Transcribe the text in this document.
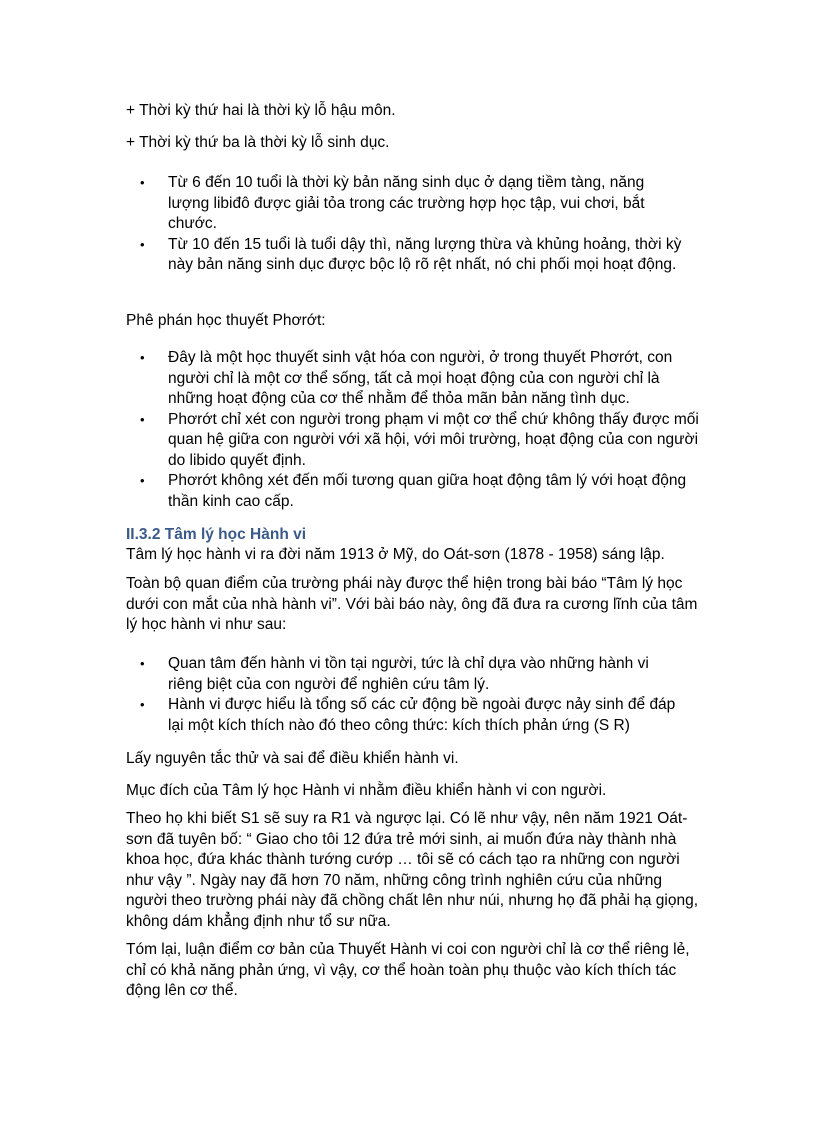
+ Thời kỳ thứ hai là thời kỳ lỗ hậu môn.
+ Thời kỳ thứ ba là thời kỳ lỗ sinh dục.
•
Từ 6 đến 10 tuổi là thời kỳ bản năng sinh dục ở dạng tiềm tàng, năng lượng libiđô được giải tỏa trong các trường hợp học tập, vui chơi, bắt chước.
•
Từ 10 đến 15 tuổi là tuổi dậy thì, năng lượng thừa và khủng hoảng, thời kỳ này bản năng sinh dục được bộc lộ rõ rệt nhất, nó chi phối mọi hoạt động.
Phê phán học thuyết Phơrớt:
•
Đây là một học thuyết sinh vật hóa con người, ở trong thuyết Phơrớt, con người chỉ là một cơ thể sống, tất cả mọi hoạt động của con người chỉ là những hoạt động của cơ thể nhằm để thỏa mãn bản năng tình dục.
•
Phơrớt chỉ xét con người trong phạm vi một cơ thể chứ không thấy được mối quan hệ giữa con người với xã hội, với môi trường, hoạt động của con người do libido quyết định.
•
Phơrớt không xét đến mối tương quan giữa hoạt động tâm lý với hoạt động thần kinh cao cấp.
II.3.2 Tâm lý học Hành vi
Tâm lý học hành vi ra đời năm 1913 ở Mỹ, do Oát-sơn (1878 - 1958) sáng lập.

Toàn bộ quan điểm của trường phái này được thể hiện trong bài báo “Tâm lý học dưới con mắt của nhà hành vi”. Với bài báo này, ông đã đưa ra cương lĩnh của tâm lý học hành vi như sau:

•
Quan tâm đến hành vi tồn tại người, tức là chỉ dựa vào những hành vi riêng biệt của con người để nghiên cứu tâm lý.
•
Hành vi được hiểu là tổng số các cử động bề ngoài được nảy sinh để đáp lại một kích thích nào đó theo công thức: kích thích phản ứng (S R)
Lấy nguyên tắc thử và sai để điều khiển hành vi.
Mục đích của Tâm lý học Hành vi nhằm điều khiển hành vi con người.

Theo họ khi biết S1 sẽ suy ra R1 và ngược lại. Có lẽ như vậy, nên năm 1921 Oát-sơn đã tuyên bố: “ Giao cho tôi 12 đứa trẻ mới sinh, ai muốn đứa này thành nhà khoa học, đứa khác thành tướng cướp … tôi sẽ có cách tạo ra những con người như vậy ”. Ngày nay đã hơn 70 năm, những công trình nghiên cứu của những người theo trường phái này đã chồng chất lên như núi, nhưng họ đã phải hạ giọng, không dám khẳng định như tổ sư nữa.

Tóm lại, luận điểm cơ bản của Thuyết Hành vi coi con người chỉ là cơ thể riêng lẻ, chỉ có khả năng phản ứng, vì vậy, cơ thể hoàn toàn phụ thuộc vào kích thích tác động lên cơ thể.
